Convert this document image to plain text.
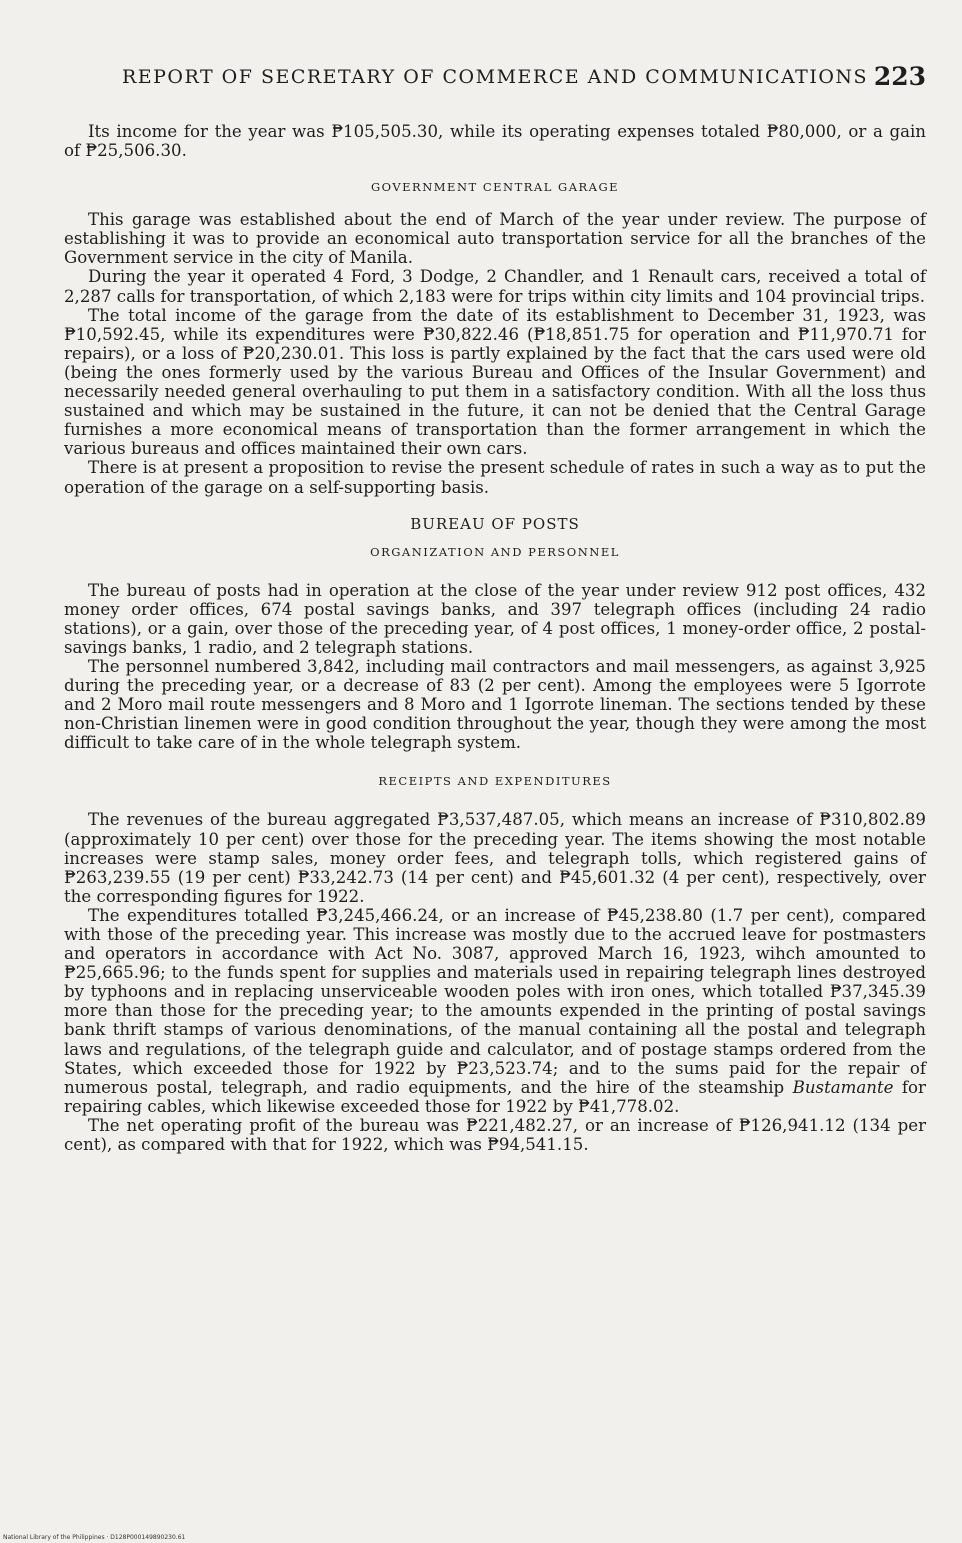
REPORT OF SECRETARY OF COMMERCE AND COMMUNICATIONS 223

Its income for the year was ₱105,505.30, while its operating expenses totaled ₱80,000, or a gain of ₱25,506.30.

GOVERNMENT CENTRAL GARAGE

This garage was established about the end of March of the year under review. The purpose of establishing it was to provide an economical auto transportation service for all the branches of the Government service in the city of Manila.

During the year it operated 4 Ford, 3 Dodge, 2 Chandler, and 1 Renault cars, received a total of 2,287 calls for transportation, of which 2,183 were for trips within city limits and 104 provincial trips.

The total income of the garage from the date of its establishment to December 31, 1923, was ₱10,592.45, while its expenditures were ₱30,822.46 (₱18,851.75 for operation and ₱11,970.71 for repairs), or a loss of ₱20,230.01. This loss is partly explained by the fact that the cars used were old (being the ones formerly used by the various Bureau and Offices of the Insular Government) and necessarily needed general overhauling to put them in a satisfactory condition. With all the loss thus sustained and which may be sustained in the future, it can not be denied that the Central Garage furnishes a more economical means of transportation than the former arrangement in which the various bureaus and offices maintained their own cars.

There is at present a proposition to revise the present schedule of rates in such a way as to put the operation of the garage on a self-supporting basis.

BUREAU OF POSTS
ORGANIZATION AND PERSONNEL

The bureau of posts had in operation at the close of the year under review 912 post offices, 432 money order offices, 674 postal savings banks, and 397 telegraph offices (including 24 radio stations), or a gain, over those of the preceding year, of 4 post offices, 1 money-order office, 2 postal-savings banks, 1 radio, and 2 telegraph stations.

The personnel numbered 3,842, including mail contractors and mail messengers, as against 3,925 during the preceding year, or a decrease of 83 (2 per cent). Among the employees were 5 Igorrote and 2 Moro mail route messengers and 8 Moro and 1 Igorrote lineman. The sections tended by these non-Christian linemen were in good condition throughout the year, though they were among the most difficult to take care of in the whole telegraph system.

RECEIPTS AND EXPENDITURES

The revenues of the bureau aggregated ₱3,537,487.05, which means an increase of ₱310,802.89 (approximately 10 per cent) over those for the preceding year. The items showing the most notable increases were stamp sales, money order fees, and telegraph tolls, which registered gains of ₱263,239.55 (19 per cent) ₱33,242.73 (14 per cent) and ₱45,601.32 (4 per cent), respectively, over the corresponding figures for 1922.

The expenditures totalled ₱3,245,466.24, or an increase of ₱45,238.80 (1.7 per cent), compared with those of the preceding year. This increase was mostly due to the accrued leave for postmasters and operators in accordance with Act No. 3087, approved March 16, 1923, wihch amounted to ₱25,665.96; to the funds spent for supplies and materials used in repairing telegraph lines destroyed by typhoons and in replacing unserviceable wooden poles with iron ones, which totalled ₱37,345.39 more than those for the preceding year; to the amounts expended in the printing of postal savings bank thrift stamps of various denominations, of the manual containing all the postal and telegraph laws and regulations, of the telegraph guide and calculator, and of postage stamps ordered from the States, which exceeded those for 1922 by ₱23,523.74; and to the sums paid for the repair of numerous postal, telegraph, and radio equipments, and the hire of the steamship Bustamante for repairing cables, which likewise exceeded those for 1922 by ₱41,778.02.

The net operating profit of the bureau was ₱221,482.27, or an increase of ₱126,941.12 (134 per cent), as compared with that for 1922, which was ₱94,541.15.

National Library of the Philippines · D128P000149890230.61
